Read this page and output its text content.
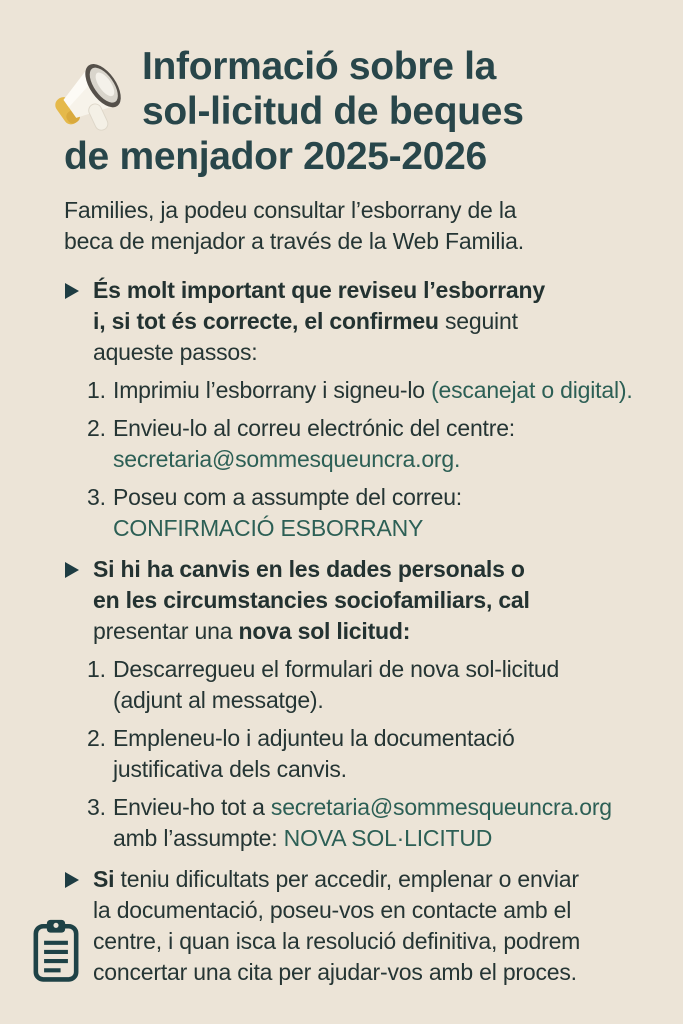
Informació sobre la
sol-licitud de beques
de menjador 2025-2026

Families, ja podeu consultar l’esborrany de la
beca de menjador a través de la Web Familia.

És molt important que reviseu l’esborrany
i, si tot és correcte, el confirmeu seguint
aqueste passos:
1. Imprimiu l’esborrany i signeu-lo (escanejat o digital).
2. Envieu-lo al correu electrónic del centre:
secretaria@sommesqueuncra.org.
3. Poseu com a assumpte del correu:
CONFIRMACIÓ ESBORRANY
Si hi ha canvis en les dades personals o
en les circumstancies sociofamiliars, cal
presentar una nova sol licitud:
1. Descarregueu el formulari de nova sol-licitud
(adjunt al messatge).
2. Empleneu-lo i adjunteu la documentació
justificativa dels canvis.
3. Envieu-ho tot a secretaria@sommesqueuncra.org
amb l’assumpte: NOVA SOL·LICITUD
Si teniu dificultats per accedir, emplenar o enviar
la documentació, poseu-vos en contacte amb el
centre, i quan isca la resolució definitiva, podrem
concertar una cita per ajudar-vos amb el proces.
